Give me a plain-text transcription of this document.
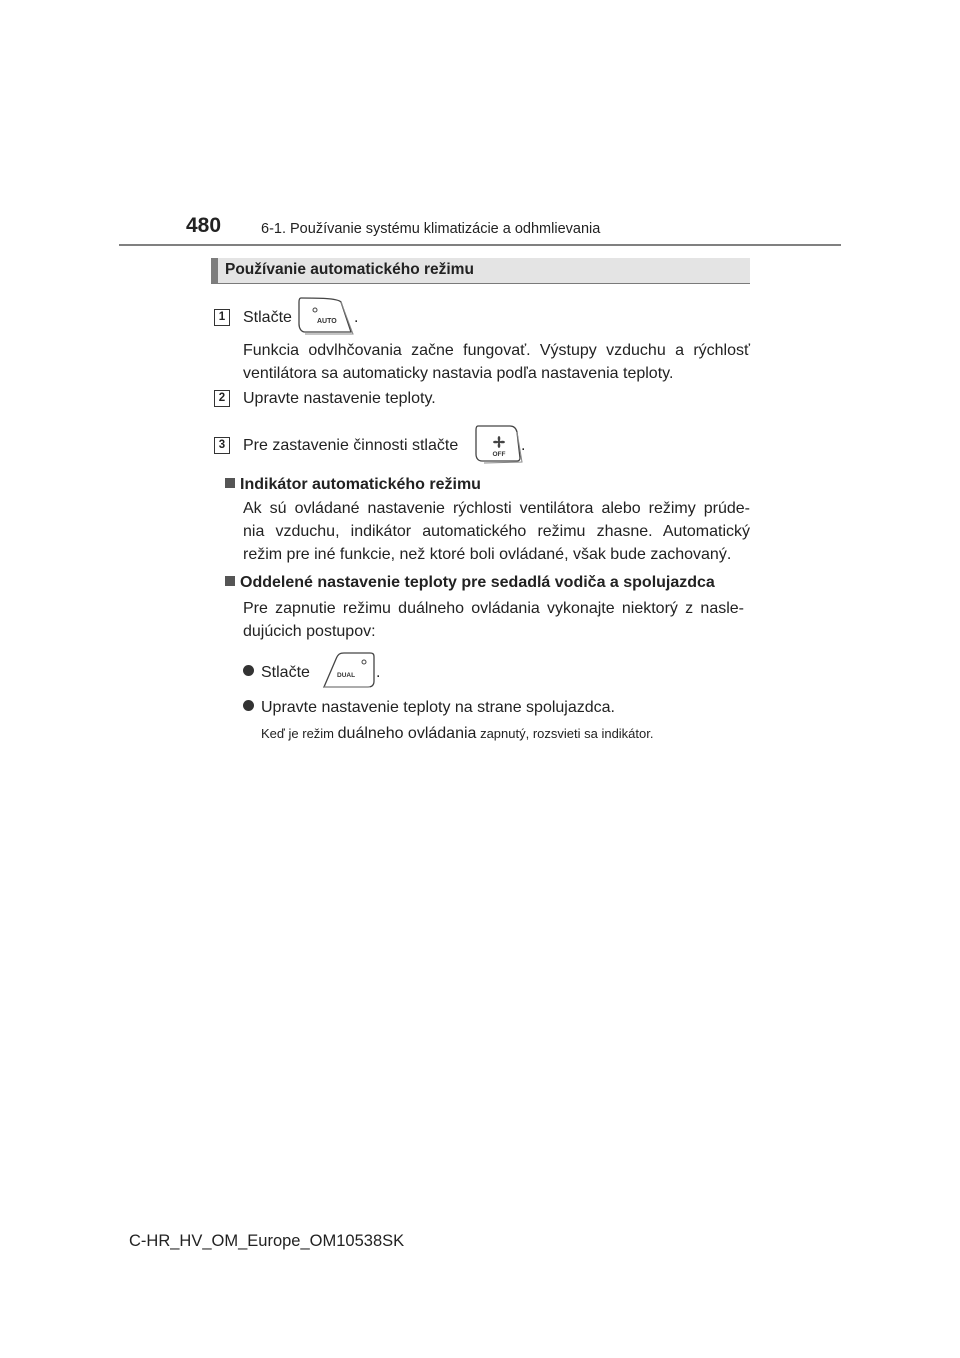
480	6-1. Používanie systému klimatizácie a odhmlievania
Používanie automatického režimu
1 Stlačte	AUTO .
Funkcia odvlhčovania začne fungovať. Výstupy vzduchu a rýchlosť
ventilátora sa automaticky nastavia podľa nastavenia teploty.
2 Upravte nastavenie teploty.
3 Pre zastavenie činnosti stlačte
OFF
.
Indikátor automatického režimu
Ak sú ovládané nastavenie rýchlosti ventilátora alebo režimy prúde-
nia vzduchu, indikátor automatického režimu zhasne. Automatický
režim pre iné funkcie, než ktoré boli ovládané, však bude zachovaný.
Oddelené nastavenie teploty pre sedadlá vodiča a spolujazdca
Pre zapnutie režimu duálneho ovládania vykonajte niektorý z nasle-
dujúcich postupov:
Stlačte	DUAL .
Upravte nastavenie teploty na strane spolujazdca.
Keď je režim duálneho ovládania zapnutý, rozsvieti sa indikátor.
C-HR_HV_OM_Europe_OM10538SK
